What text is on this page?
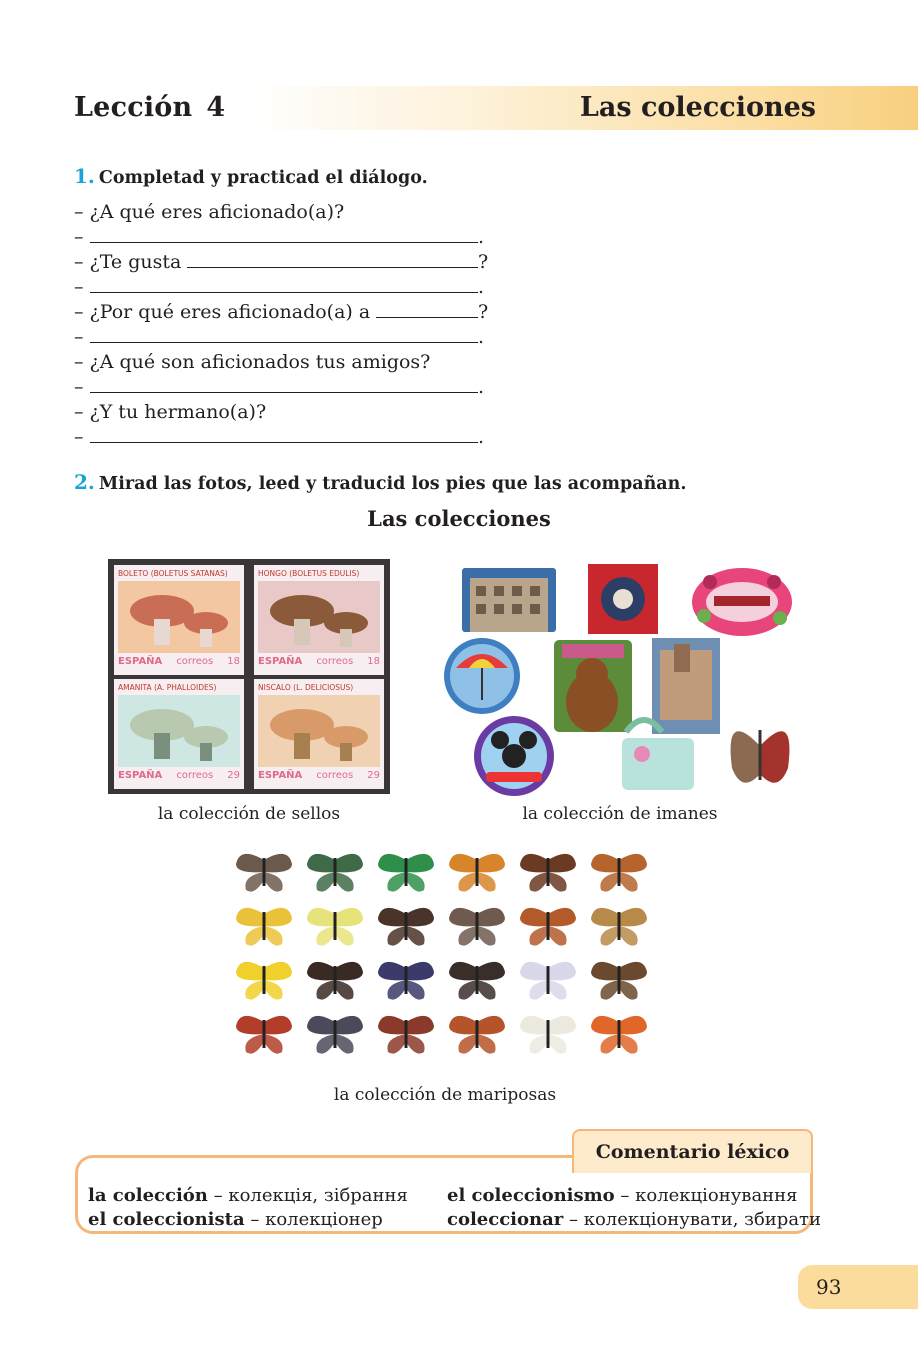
Lección 4	Las colecciones
1. Completad y practicad el diálogo.
– ¿A qué eres aficionado(a)?
–	.
– ¿Te gusta	?
–	.
– ¿Por qué eres aficionado(a) a	?
–	.
– ¿A qué son aficionados tus amigos?
–	.
– ¿Y tu hermano(a)?
–	.
2. Mirad las fotos, leed y traducid los pies que las acompañan.
Las colecciones
BOLETO (BOLETUS SATANAS)
ESPAÑA correos 18
HONGO (BOLETUS EDULIS)
ESPAÑA correos 18
AMANITA (A. PHALLOIDES)
ESPAÑA correos 29
NISCALO (L. DELICIOSUS)
ESPAÑA correos 29
la colección de sellos	la colección de imanes
la colección de mariposas
Comentario léxico
la colección – колекція, зібрання
el coleccionista – колекціонер
el coleccionismo – колекціонування
coleccionar – колекціонувати, збирати
93
